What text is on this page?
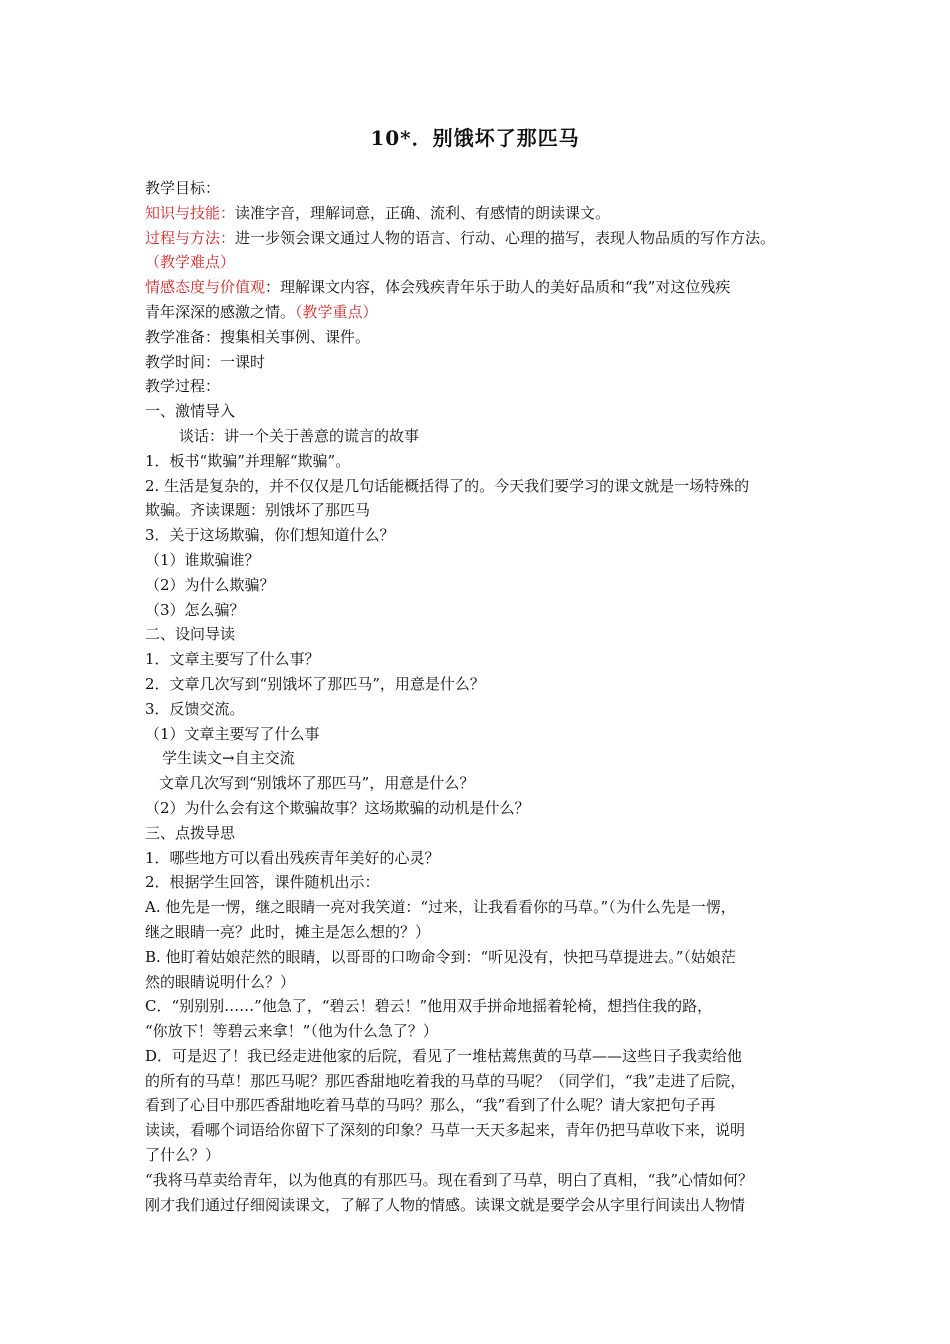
10*．别饿坏了那匹马
教学目标：
知识与技能：读准字音，理解词意，正确、流利、有感情的朗读课文。
过程与方法：进一步领会课文通过人物的语言、行动、心理的描写，表现人物品质的写作方法。
（教学难点）
情感态度与价值观：理解课文内容，体会残疾青年乐于助人的美好品质和“我”对这位残疾
青年深深的感激之情。（教学重点）
教学准备：搜集相关事例、课件。
教学时间：一课时
教学过程：
一、激情导入
谈话：讲一个关于善意的谎言的故事
1．板书“欺骗”并理解“欺骗”。
2. 生活是复杂的，并不仅仅是几句话能概括得了的。今天我们要学习的课文就是一场特殊的
欺骗。齐读课题：别饿坏了那匹马
3．关于这场欺骗，你们想知道什么？
（1）谁欺骗谁？
（2）为什么欺骗？
（3）怎么骗？
二、设问导读
1．文章主要写了什么事？
2．文章几次写到“别饿坏了那匹马”，用意是什么？
3．反馈交流。
（1）文章主要写了什么事
学生读文→自主交流
文章几次写到“别饿坏了那匹马”，用意是什么？
（2）为什么会有这个欺骗故事？这场欺骗的动机是什么？
三、点拨导思
1．哪些地方可以看出残疾青年美好的心灵？
2．根据学生回答，课件随机出示：
A. 他先是一愣，继之眼睛一亮对我笑道：“过来，让我看看你的马草。”（为什么先是一愣，
继之眼睛一亮？此时，摊主是怎么想的？）
B. 他盯着姑娘茫然的眼睛，以哥哥的口吻命令到：“听见没有，快把马草提进去。”（姑娘茫
然的眼睛说明什么？）
C．“别别别……”他急了，“碧云！碧云！”他用双手拼命地摇着轮椅，想挡住我的路，
“你放下！等碧云来拿！”（他为什么急了？）
D．可是迟了！我已经走进他家的后院，看见了一堆枯蔫焦黄的马草——这些日子我卖给他
的所有的马草！那匹马呢？那匹香甜地吃着我的马草的马呢？（同学们，“我”走进了后院，
看到了心目中那匹香甜地吃着马草的马吗？那么，“我”看到了什么呢？请大家把句子再
读读，看哪个词语给你留下了深刻的印象？马草一天天多起来，青年仍把马草收下来，说明
了什么？）
“我将马草卖给青年，以为他真的有那匹马。现在看到了马草，明白了真相，“我”心情如何？
刚才我们通过仔细阅读课文，了解了人物的情感。读课文就是要学会从字里行间读出人物情
